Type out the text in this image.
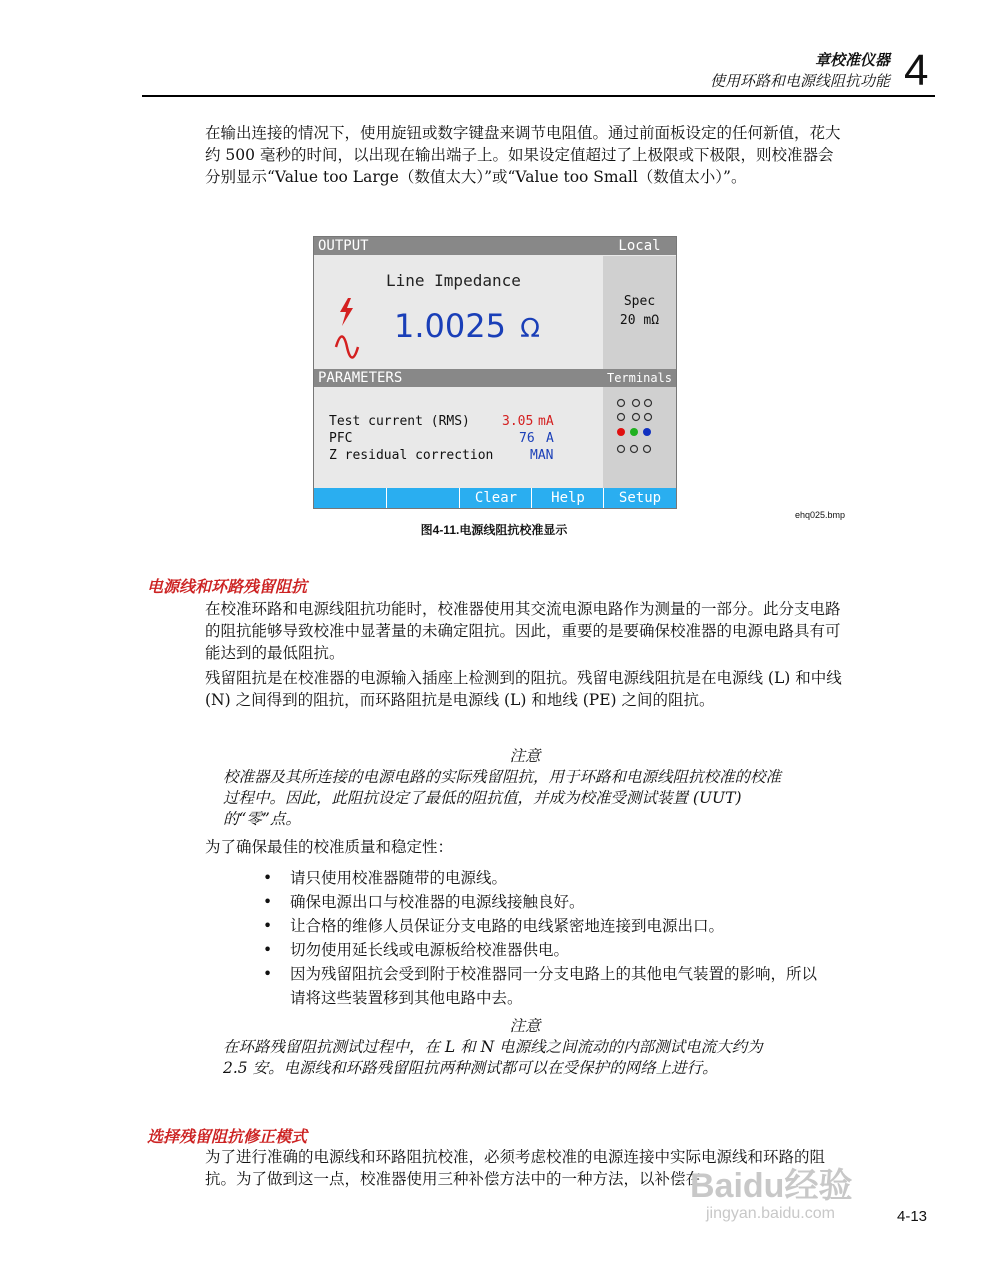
章校准仪器
使用环路和电源线阻抗功能 4
在输出连接的情况下，使用旋钮或数字键盘来调节电阻值。通过前面板设定的任何新值，花大约 500 毫秒的时间，以出现在输出端子上。如果设定值超过了上极限或下极限，则校准器会分别显示“Value too Large（数值太大）”或“Value too Small（数值太小）”。
OUTPUT	Local
Line Impedance
1.0025 Ω
Spec
20 mΩ
PARAMETERS	Terminals
Test current (RMS) 3.05 mA
PFC	76 A
Z residual correction	MAN
Clear	Help	Setup
ehq025.bmp
图4-11.电源线阻抗校准显示
电源线和环路残留阻抗
在校准环路和电源线阻抗功能时，校准器使用其交流电源电路作为测量的一部分。此分支电路的阻抗能够导致校准中显著量的未确定阻抗。因此，重要的是要确保校准器的电源电路具有可能达到的最低阻抗。
残留阻抗是在校准器的电源输入插座上检测到的阻抗。残留电源线阻抗是在电源线 (L) 和中线 (N) 之间得到的阻抗，而环路阻抗是电源线 (L) 和地线 (PE) 之间的阻抗。
注意
校准器及其所连接的电源电路的实际残留阻抗，用于环路和电源线阻抗校准的校准过程中。因此，此阻抗设定了最低的阻抗值，并成为校准受测试装置 (UUT) 的“零”点。
为了确保最佳的校准质量和稳定性：
• 请只使用校准器随带的电源线。
• 确保电源出口与校准器的电源线接触良好。
• 让合格的维修人员保证分支电路的电线紧密地连接到电源出口。
• 切勿使用延长线或电源板给校准器供电。
• 因为残留阻抗会受到附于校准器同一分支电路上的其他电气装置的影响，所以请将这些装置移到其他电路中去。
注意
在环路残留阻抗测试过程中，在 L 和 N 电源线之间流动的内部测试电流大约为 2.5 安。电源线和环路残留阻抗两种测试都可以在受保护的网络上进行。
选择残留阻抗修正模式
为了进行准确的电源线和环路阻抗校准，必须考虑校准的电源连接中实际电源线和环路的阻抗。为了做到这一点，校准器使用三种补偿方法中的一种方法，以补偿在
Baidu经验
jingyan.baidu.com	4-13
